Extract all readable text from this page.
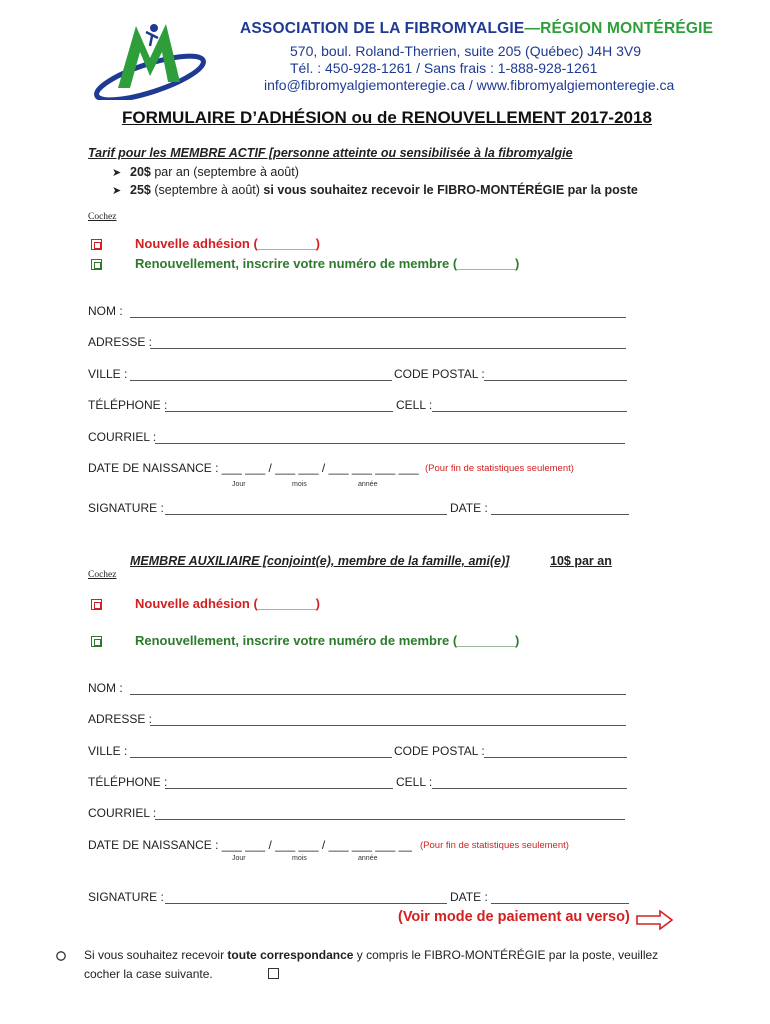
ASSOCIATION DE LA FIBROMYALGIE—RÉGION MONTÉRÉGIE
570, boul. Roland-Therrien, suite 205 (Québec) J4H 3V9
Tél. : 450-928-1261 / Sans frais : 1-888-928-1261
info@fibromyalgiemonteregie.ca / www.fibromyalgiemonteregie.ca
FORMULAIRE D’ADHÉSION ou de RENOUVELLEMENT 2017-2018
Tarif pour les MEMBRE ACTIF [personne atteinte ou sensibilisée à la fibromyalgie
➤ 20$ par an (septembre à août)
➤ 25$ (septembre à août) si vous souhaitez recevoir le FIBRO-MONTÉRÉGIE par la poste
Cochez
Nouvelle adhésion (________)
Renouvellement, inscrire votre numéro de membre (________)
NOM :
ADRESSE :
VILLE :	CODE POSTAL :
TÉLÉPHONE :	CELL :
COURRIEL :
DATE DE NAISSANCE : ___ ___ / ___ ___ / ___ ___ ___ ___ (Pour fin de statistiques seulement)
Jour	mois	année
SIGNATURE :	DATE :
MEMBRE AUXILIAIRE [conjoint(e), membre de la famille, ami(e)]	10$ par an
Cochez
Nouvelle adhésion (________)
Renouvellement, inscrire votre numéro de membre (________)
NOM :
ADRESSE :
VILLE :	CODE POSTAL :
TÉLÉPHONE :	CELL :
COURRIEL :
DATE DE NAISSANCE : ___ ___ / ___ ___ / ___ ___ ___ __ (Pour fin de statistiques seulement)
Jour	mois	année
SIGNATURE :	DATE :
(Voir mode de paiement au verso)
Si vous souhaitez recevoir toute correspondance y compris le FIBRO-MONTÉRÉGIE par la poste, veuillez
cocher la case suivante.
